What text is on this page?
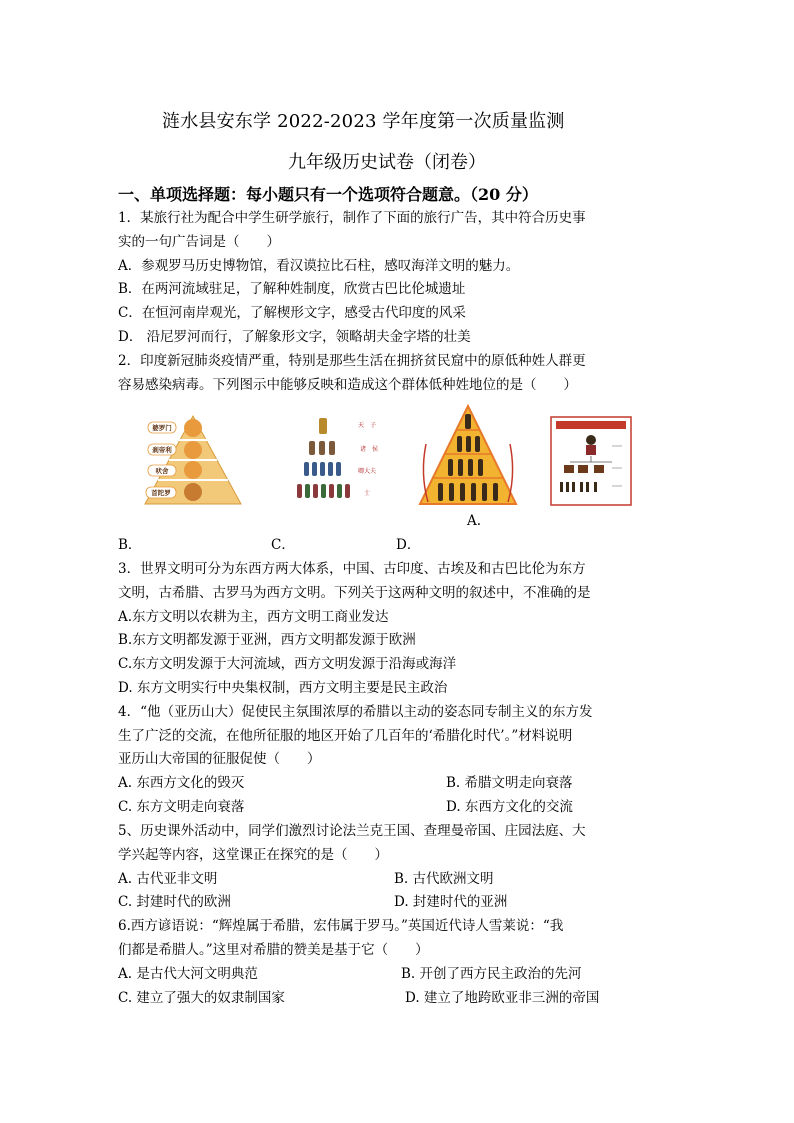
涟水县安东学 2022-2023 学年度第一次质量监测
九年级历史试卷（闭卷）
一、单项选择题：每小题只有一个选项符合题意。（20 分）
1．某旅行社为配合中学生研学旅行，制作了下面的旅行广告，其中符合历史事
实的一句广告词是（　　）
A．参观罗马历史博物馆，看汉谟拉比石柱，感叹海洋文明的魅力。
B．在两河流域驻足，了解种姓制度，欣赏古巴比伦城遗址
C．在恒河南岸观光，了解楔形文字，感受古代印度的风采
D． 沿尼罗河而行，了解象形文字，领略胡夫金字塔的壮美
2．印度新冠肺炎疫情严重，特别是那些生活在拥挤贫民窟中的原低种姓人群更
容易感染病毒。下列图示中能够反映和造成这个群体低种姓地位的是（　　）
婆罗门
刹帝利
吠舍
首陀罗
天　子
诸　侯
卿大夫
士
A.
B．	C．	D．
3．世界文明可分为东西方两大体系，中国、古印度、古埃及和古巴比伦为东方
文明，古希腊、古罗马为西方文明。下列关于这两种文明的叙述中，不准确的是
A.东方文明以农耕为主，西方文明工商业发达
B.东方文明都发源于亚洲，西方文明都发源于欧洲
C.东方文明发源于大河流域，西方文明发源于沿海或海洋
D. 东方文明实行中央集权制，西方文明主要是民主政治
4．“他（亚历山大）促使民主氛围浓厚的希腊以主动的姿态同专制主义的东方发
生了广泛的交流，在他所征服的地区开始了几百年的‘希腊化时代’。”材料说明
亚历山大帝国的征服促使（　　）
A. 东西方文化的毁灭	B. 希腊文明走向衰落
C. 东方文明走向衰落	D. 东西方文化的交流
5、历史课外活动中，同学们激烈讨论法兰克王国、查理曼帝国、庄园法庭、大
学兴起等内容，这堂课正在探究的是（　　）
A. 古代亚非文明	B. 古代欧洲文明
C. 封建时代的欧洲	D. 封建时代的亚洲
6.西方谚语说：“辉煌属于希腊，宏伟属于罗马。”英国近代诗人雪莱说：“我
们都是希腊人。”这里对希腊的赞美是基于它（　　）
A. 是古代大河文明典范	B. 开创了西方民主政治的先河
C. 建立了强大的奴隶制国家	D. 建立了地跨欧亚非三洲的帝国
